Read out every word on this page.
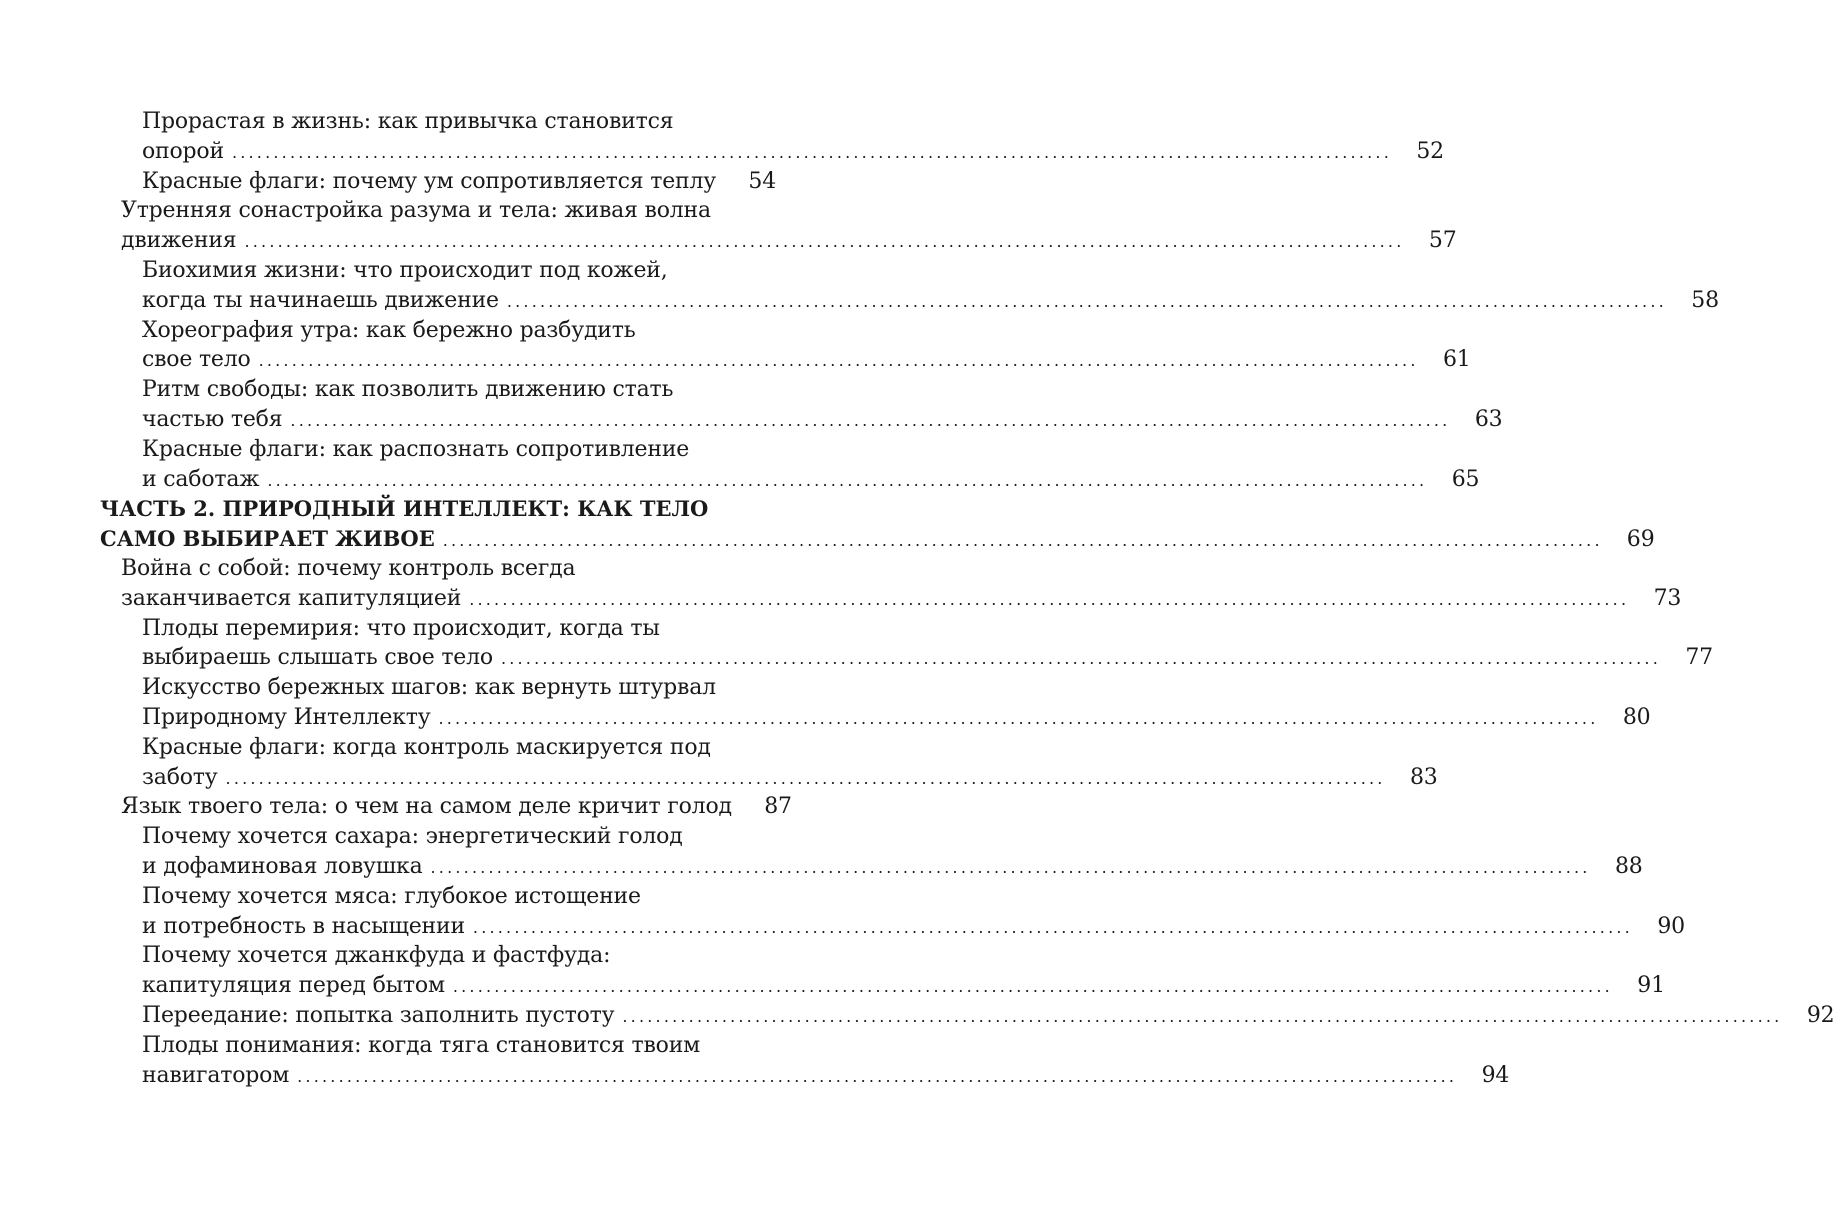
Прорастая в жизнь: как привычка становится
опорой ............................................................................................................................................	52
Красные флаги: почему ум сопротивляется теплу	54
Утренняя сонастройка разума и тела: живая волна
движения ............................................................................................................................................	57
Биохимия жизни: что происходит под кожей,
когда ты начинаешь движение ............................................................................................................................................	58
Хореография утра: как бережно разбудить
свое тело ............................................................................................................................................	61
Ритм свободы: как позволить движению стать
частью тебя ............................................................................................................................................	63
Красные флаги: как распознать сопротивление
и саботаж ............................................................................................................................................	65
ЧАСТЬ 2. ПРИРОДНЫЙ ИНТЕЛЛЕКТ: КАК ТЕЛО
САМО ВЫБИРАЕТ ЖИВОЕ ............................................................................................................................................	69
Война с собой: почему контроль всегда
заканчивается капитуляцией ............................................................................................................................................	73
Плоды перемирия: что происходит, когда ты
выбираешь слышать свое тело ............................................................................................................................................	77
Искусство бережных шагов: как вернуть штурвал
Природному Интеллекту ............................................................................................................................................	80
Красные флаги: когда контроль маскируется под
заботу ............................................................................................................................................	83
Язык твоего тела: о чем на самом деле кричит голод	87
Почему хочется сахара: энергетический голод
и дофаминовая ловушка ............................................................................................................................................	88
Почему хочется мяса: глубокое истощение
и потребность в насыщении ............................................................................................................................................	90
Почему хочется джанкфуда и фастфуда:
капитуляция перед бытом ............................................................................................................................................	91
Переедание: попытка заполнить пустоту ............................................................................................................................................	92
Плоды понимания: когда тяга становится твоим
навигатором ............................................................................................................................................	94
